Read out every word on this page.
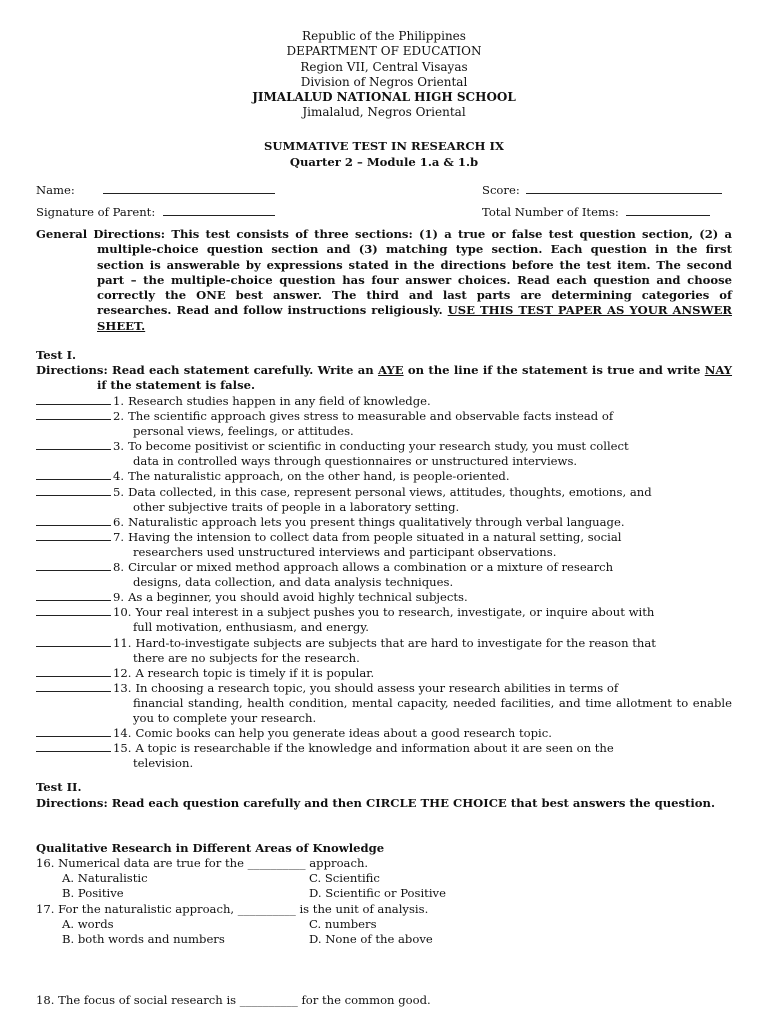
Republic of the Philippines
DEPARTMENT OF EDUCATION
Region VII, Central Visayas
Division of Negros Oriental
JIMALALUD NATIONAL HIGH SCHOOL
Jimalalud, Negros Oriental
SUMMATIVE TEST IN RESEARCH IX
Quarter 2 – Module 1.a & 1.b
Name:	Score:
Signature of Parent:	Total Number of Items:
General Directions: This test consists of three sections: (1) a true or false test question section, (2) a multiple-choice question section and (3) matching type section. Each question in the first section is answerable by expressions stated in the directions before the test item. The second part – the multiple-choice question has four answer choices. Read each question and choose correctly the ONE best answer. The third and last parts are determining categories of researches. Read and follow instructions religiously. USE THIS TEST PAPER AS YOUR ANSWER SHEET.
Test I.
Directions: Read each statement carefully. Write an AYE on the line if the statement is true and write NAY if the statement is false.
1. Research studies happen in any field of knowledge.
2. The scientific approach gives stress to measurable and observable facts instead of
personal views, feelings, or attitudes.
3. To become positivist or scientific in conducting your research study, you must collect
data in controlled ways through questionnaires or unstructured interviews.
4. The naturalistic approach, on the other hand, is people-oriented.
5. Data collected, in this case, represent personal views, attitudes, thoughts, emotions, and
other subjective traits of people in a laboratory setting.
6. Naturalistic approach lets you present things qualitatively through verbal language.
7. Having the intension to collect data from people situated in a natural setting, social
researchers used unstructured interviews and participant observations.
8. Circular or mixed method approach allows a combination or a mixture of research
designs, data collection, and data analysis techniques.
9. As a beginner, you should avoid highly technical subjects.
10. Your real interest in a subject pushes you to research, investigate, or inquire about with
full motivation, enthusiasm, and energy.
11. Hard-to-investigate subjects are subjects that are hard to investigate for the reason that
there are no subjects for the research.
12. A research topic is timely if it is popular.
13. In choosing a research topic, you should assess your research abilities in terms of
financial standing, health condition, mental capacity, needed facilities, and time allotment to enable you to complete your research.
14. Comic books can help you generate ideas about a good research topic.
15. A topic is researchable if the knowledge and information about it are seen on the
television.
Test II.
Directions: Read each question carefully and then CIRCLE THE CHOICE that best answers the question.
Qualitative Research in Different Areas of Knowledge
16. Numerical data are true for the __________ approach.
A. Naturalistic	C. Scientific
B. Positive	D. Scientific or Positive
17. For the naturalistic approach, __________ is the unit of analysis.
A. words	C. numbers
B. both words and numbers	D. None of the above
18. The focus of social research is __________ for the common good.
